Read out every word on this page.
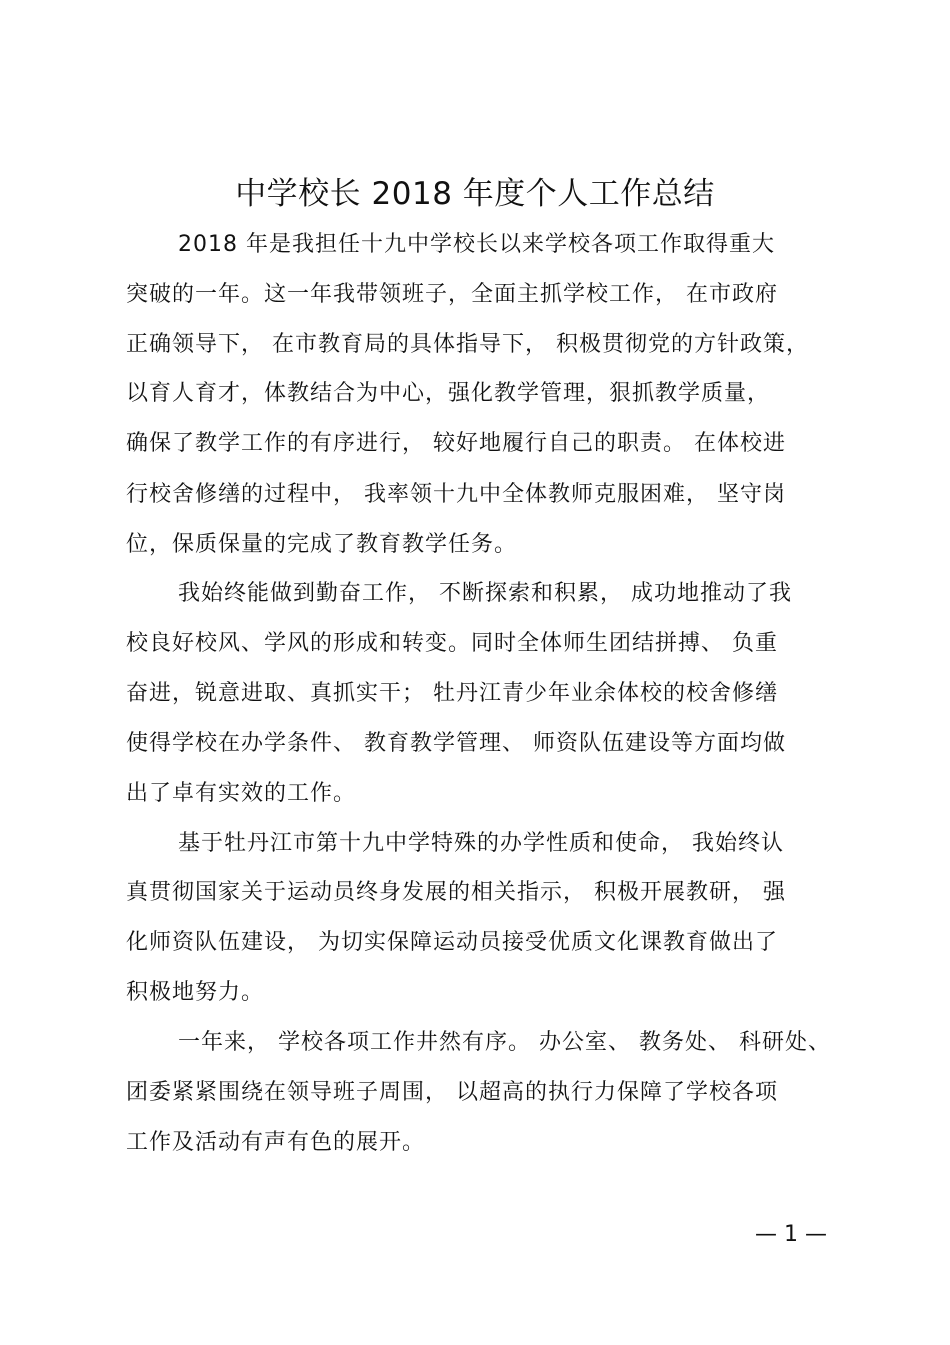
中学校长 2018 年度个人工作总结
2018 年是我担任十九中学校长以来学校各项工作取得重大
突破的一年。这一年我带领班子，全面主抓学校工作， 在市政府
正确领导下， 在市教育局的具体指导下， 积极贯彻党的方针政策，
以育人育才，体教结合为中心，强化教学管理，狠抓教学质量，
确保了教学工作的有序进行， 较好地履行自己的职责。 在体校进
行校舍修缮的过程中， 我率领十九中全体教师克服困难， 坚守岗
位，保质保量的完成了教育教学任务。
我始终能做到勤奋工作， 不断探索和积累， 成功地推动了我
校良好校风、学风的形成和转变。同时全体师生团结拼搏、 负重
奋进，锐意进取、真抓实干； 牡丹江青少年业余体校的校舍修缮
使得学校在办学条件、 教育教学管理、 师资队伍建设等方面均做
出了卓有实效的工作。
基于牡丹江市第十九中学特殊的办学性质和使命， 我始终认
真贯彻国家关于运动员终身发展的相关指示， 积极开展教研， 强
化师资队伍建设， 为切实保障运动员接受优质文化课教育做出了
积极地努力。
一年来， 学校各项工作井然有序。 办公室、 教务处、 科研处、
团委紧紧围绕在领导班子周围， 以超高的执行力保障了学校各项
工作及活动有声有色的展开。
— 1 —
